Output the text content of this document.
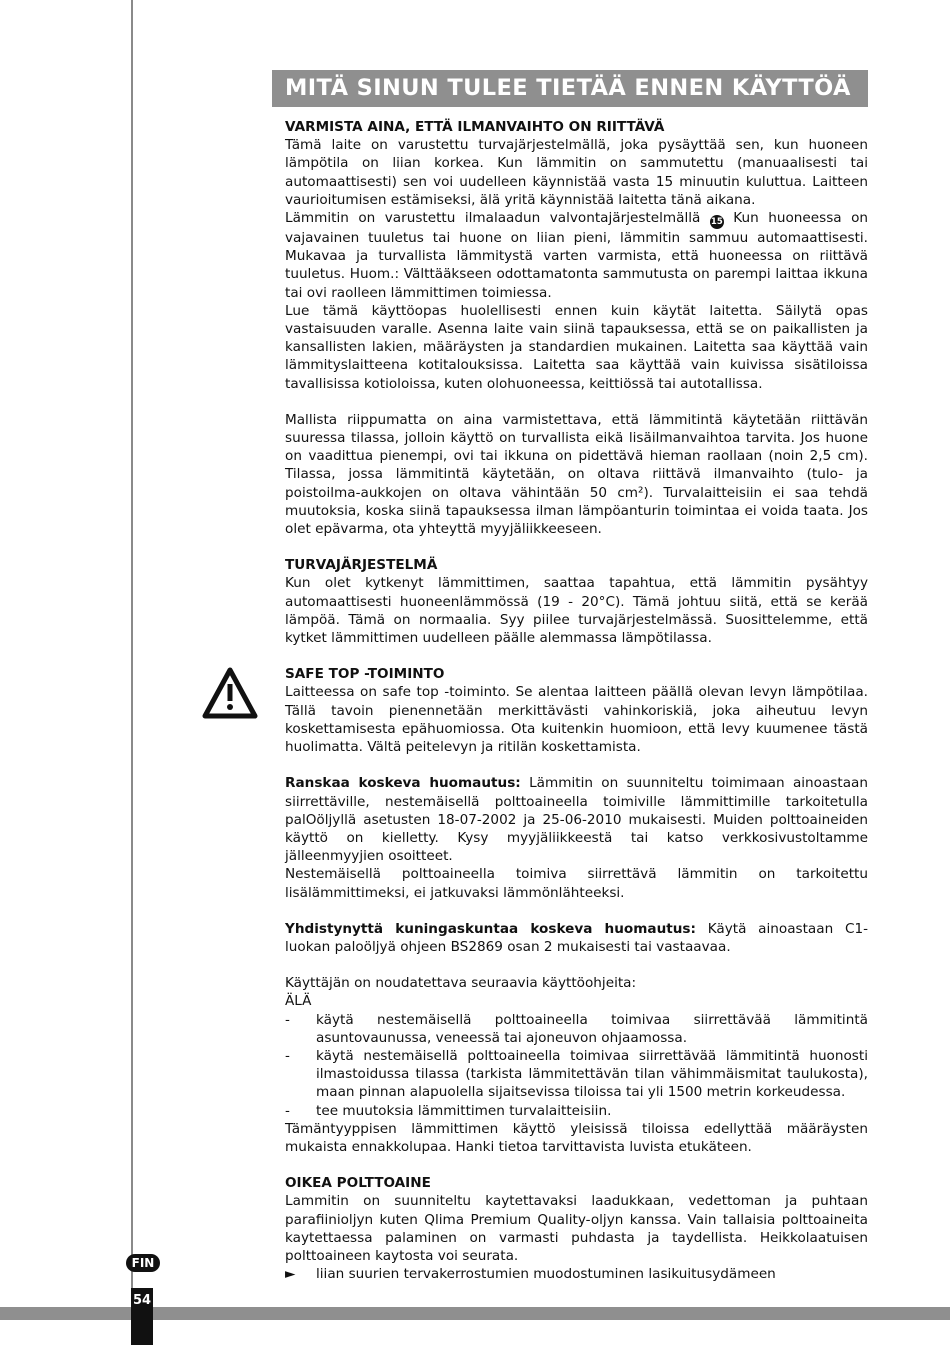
MITÄ SINUN TULEE TIETÄÄ ENNEN KÄYTTÖÄ
VARMISTA AINA, ETTÄ ILMANVAIHTO ON RIITTÄVÄ

Tämä laite on varustettu turvajärjestelmällä, joka pysäyttää sen, kun huoneen lämpötila on liian korkea. Kun lämmitin on sammutettu (manuaalisesti tai automaattisesti) sen voi uudelleen käynnistää vasta 15 minuutin kuluttua. Laitteen vaurioitumisen estämiseksi, älä yritä käynnistää laitetta tänä aikana.

Lämmitin on varustettu ilmalaadun valvontajärjestelmällä 15 Kun huoneessa on vajavainen tuuletus tai huone on liian pieni, lämmitin sammuu automaattisesti. Mukavaa ja turvallista lämmitystä varten varmista, että huoneessa on riittävä tuuletus. Huom.: Välttääkseen odottamatonta sammutusta on parempi laittaa ikkuna tai ovi raolleen lämmittimen toimiessa.

Lue tämä käyttöopas huolellisesti ennen kuin käytät laitetta. Säilytä opas vastaisuuden varalle. Asenna laite vain siinä tapauksessa, että se on paikallisten ja kansallisten lakien, määräysten ja standardien mukainen. Laitetta saa käyttää vain lämmityslaitteena kotitalouksissa. Laitetta saa käyttää vain kuivissa sisätiloissa tavallisissa kotioloissa, kuten olohuoneessa, keittiössä tai autotallissa.

Mallista riippumatta on aina varmistettava, että lämmitintä käytetään riittävän suuressa tilassa, jolloin käyttö on turvallista eikä lisäilmanvaihtoa tarvita. Jos huone on vaadittua pienempi, ovi tai ikkuna on pidettävä hieman raollaan (noin 2,5 cm). Tilassa, jossa lämmitintä käytetään, on oltava riittävä ilmanvaihto (tulo- ja poistoilma-aukkojen on oltava vähintään 50 cm²). Turvalaitteisiin ei saa tehdä muutoksia, koska siinä tapauksessa ilman lämpöanturin toimintaa ei voida taata. Jos olet epävarma, ota yhteyttä myyjäliikkeeseen.

TURVAJÄRJESTELMÄ

Kun olet kytkenyt lämmittimen, saattaa tapahtua, että lämmitin pysähtyy automaattisesti huoneenlämmössä (19 - 20°C). Tämä johtuu siitä, että se kerää lämpöä. Tämä on normaalia. Syy piilee turvajärjestelmässä. Suosittelemme, että kytket lämmittimen uudelleen päälle alemmassa lämpötilassa.

SAFE TOP -TOIMINTO

Laitteessa on safe top -toiminto. Se alentaa laitteen päällä olevan levyn lämpötilaa. Tällä tavoin pienennetään merkittävästi vahinkoriskiä, joka aiheutuu levyn koskettamisesta epähuomiossa. Ota kuitenkin huomioon, että levy kuumenee tästä huolimatta. Vältä peitelevyn ja ritilän koskettamista.

Ranskaa koskeva huomautus: Lämmitin on suunniteltu toimimaan ainoastaan siirrettäville, nestemäisellä polttoaineella toimiville lämmittimille tarkoitetulla palOöljyllä asetusten 18-07-2002 ja 25-06-2010 mukaisesti. Muiden polttoaineiden käyttö on kielletty. Kysy myyjäliikkeestä tai katso verkkosivustoltamme jälleenmyyjien osoitteet.

Nestemäisellä polttoaineella toimiva siirrettävä lämmitin on tarkoitettu lisälämmittimeksi, ei jatkuvaksi lämmönlähteeksi.

Yhdistynyttä kuningaskuntaa koskeva huomautus: Käytä ainoastaan C1-luokan paloöljyä ohjeen BS2869 osan 2 mukaisesti tai vastaavaa.

Käyttäjän on noudatettava seuraavia käyttöohjeita:

ÄLÄ

- käytä nestemäisellä polttoaineella toimivaa siirrettävää lämmitintä asuntovaunussa, veneessä tai ajoneuvon ohjaamossa.
- käytä nestemäisellä polttoaineella toimivaa siirrettävää lämmitintä huonosti ilmastoidussa tilassa (tarkista lämmitettävän tilan vähimmäismitat taulukosta), maan pinnan alapuolella sijaitsevissa tiloissa tai yli 1500 metrin korkeudessa.
- tee muutoksia lämmittimen turvalaitteisiin.

Tämäntyyppisen lämmittimen käyttö yleisissä tiloissa edellyttää määräysten mukaista ennakkolupaa. Hanki tietoa tarvittavista luvista etukäteen.

OIKEA POLTTOAINE

Lammitin on suunniteltu kaytettavaksi laadukkaan, vedettoman ja puhtaan parafiinioljyn kuten Qlima Premium Quality-oljyn kanssa. Vain tallaisia polttoaineita kaytettaessa palaminen on varmasti puhdasta ja taydellista. Heikkolaatuisen polttoaineen kaytosta voi seurata.

► liian suurien tervakerrostumien muodostuminen lasikuitusydämeen
FIN
54
